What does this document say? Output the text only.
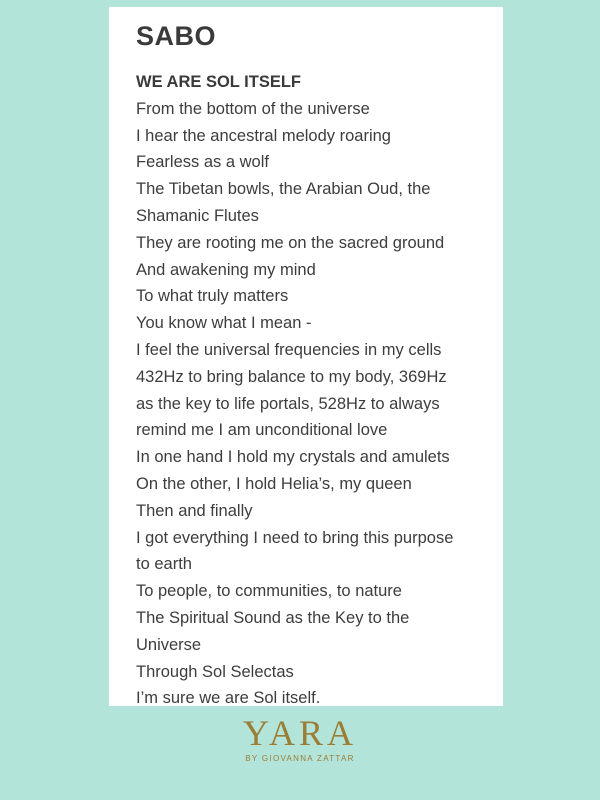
SABO
WE ARE SOL ITSELF
From the bottom of the universe
I hear the ancestral melody roaring
Fearless as a wolf
The Tibetan bowls, the Arabian Oud, the
Shamanic Flutes
They are rooting me on the sacred ground
And awakening my mind
To what truly matters
You know what I mean -
I feel the universal frequencies in my cells
432Hz to bring balance to my body, 369Hz
as the key to life portals, 528Hz to always
remind me I am unconditional love
In one hand I hold my crystals and amulets
On the other, I hold Helia’s, my queen
Then and finally
I got everything I need to bring this purpose
to earth
To people, to communities, to nature
The Spiritual Sound as the Key to the
Universe
Through Sol Selectas
I’m sure we are Sol itself.
YARA
BY GIOVANNA ZATTAR
